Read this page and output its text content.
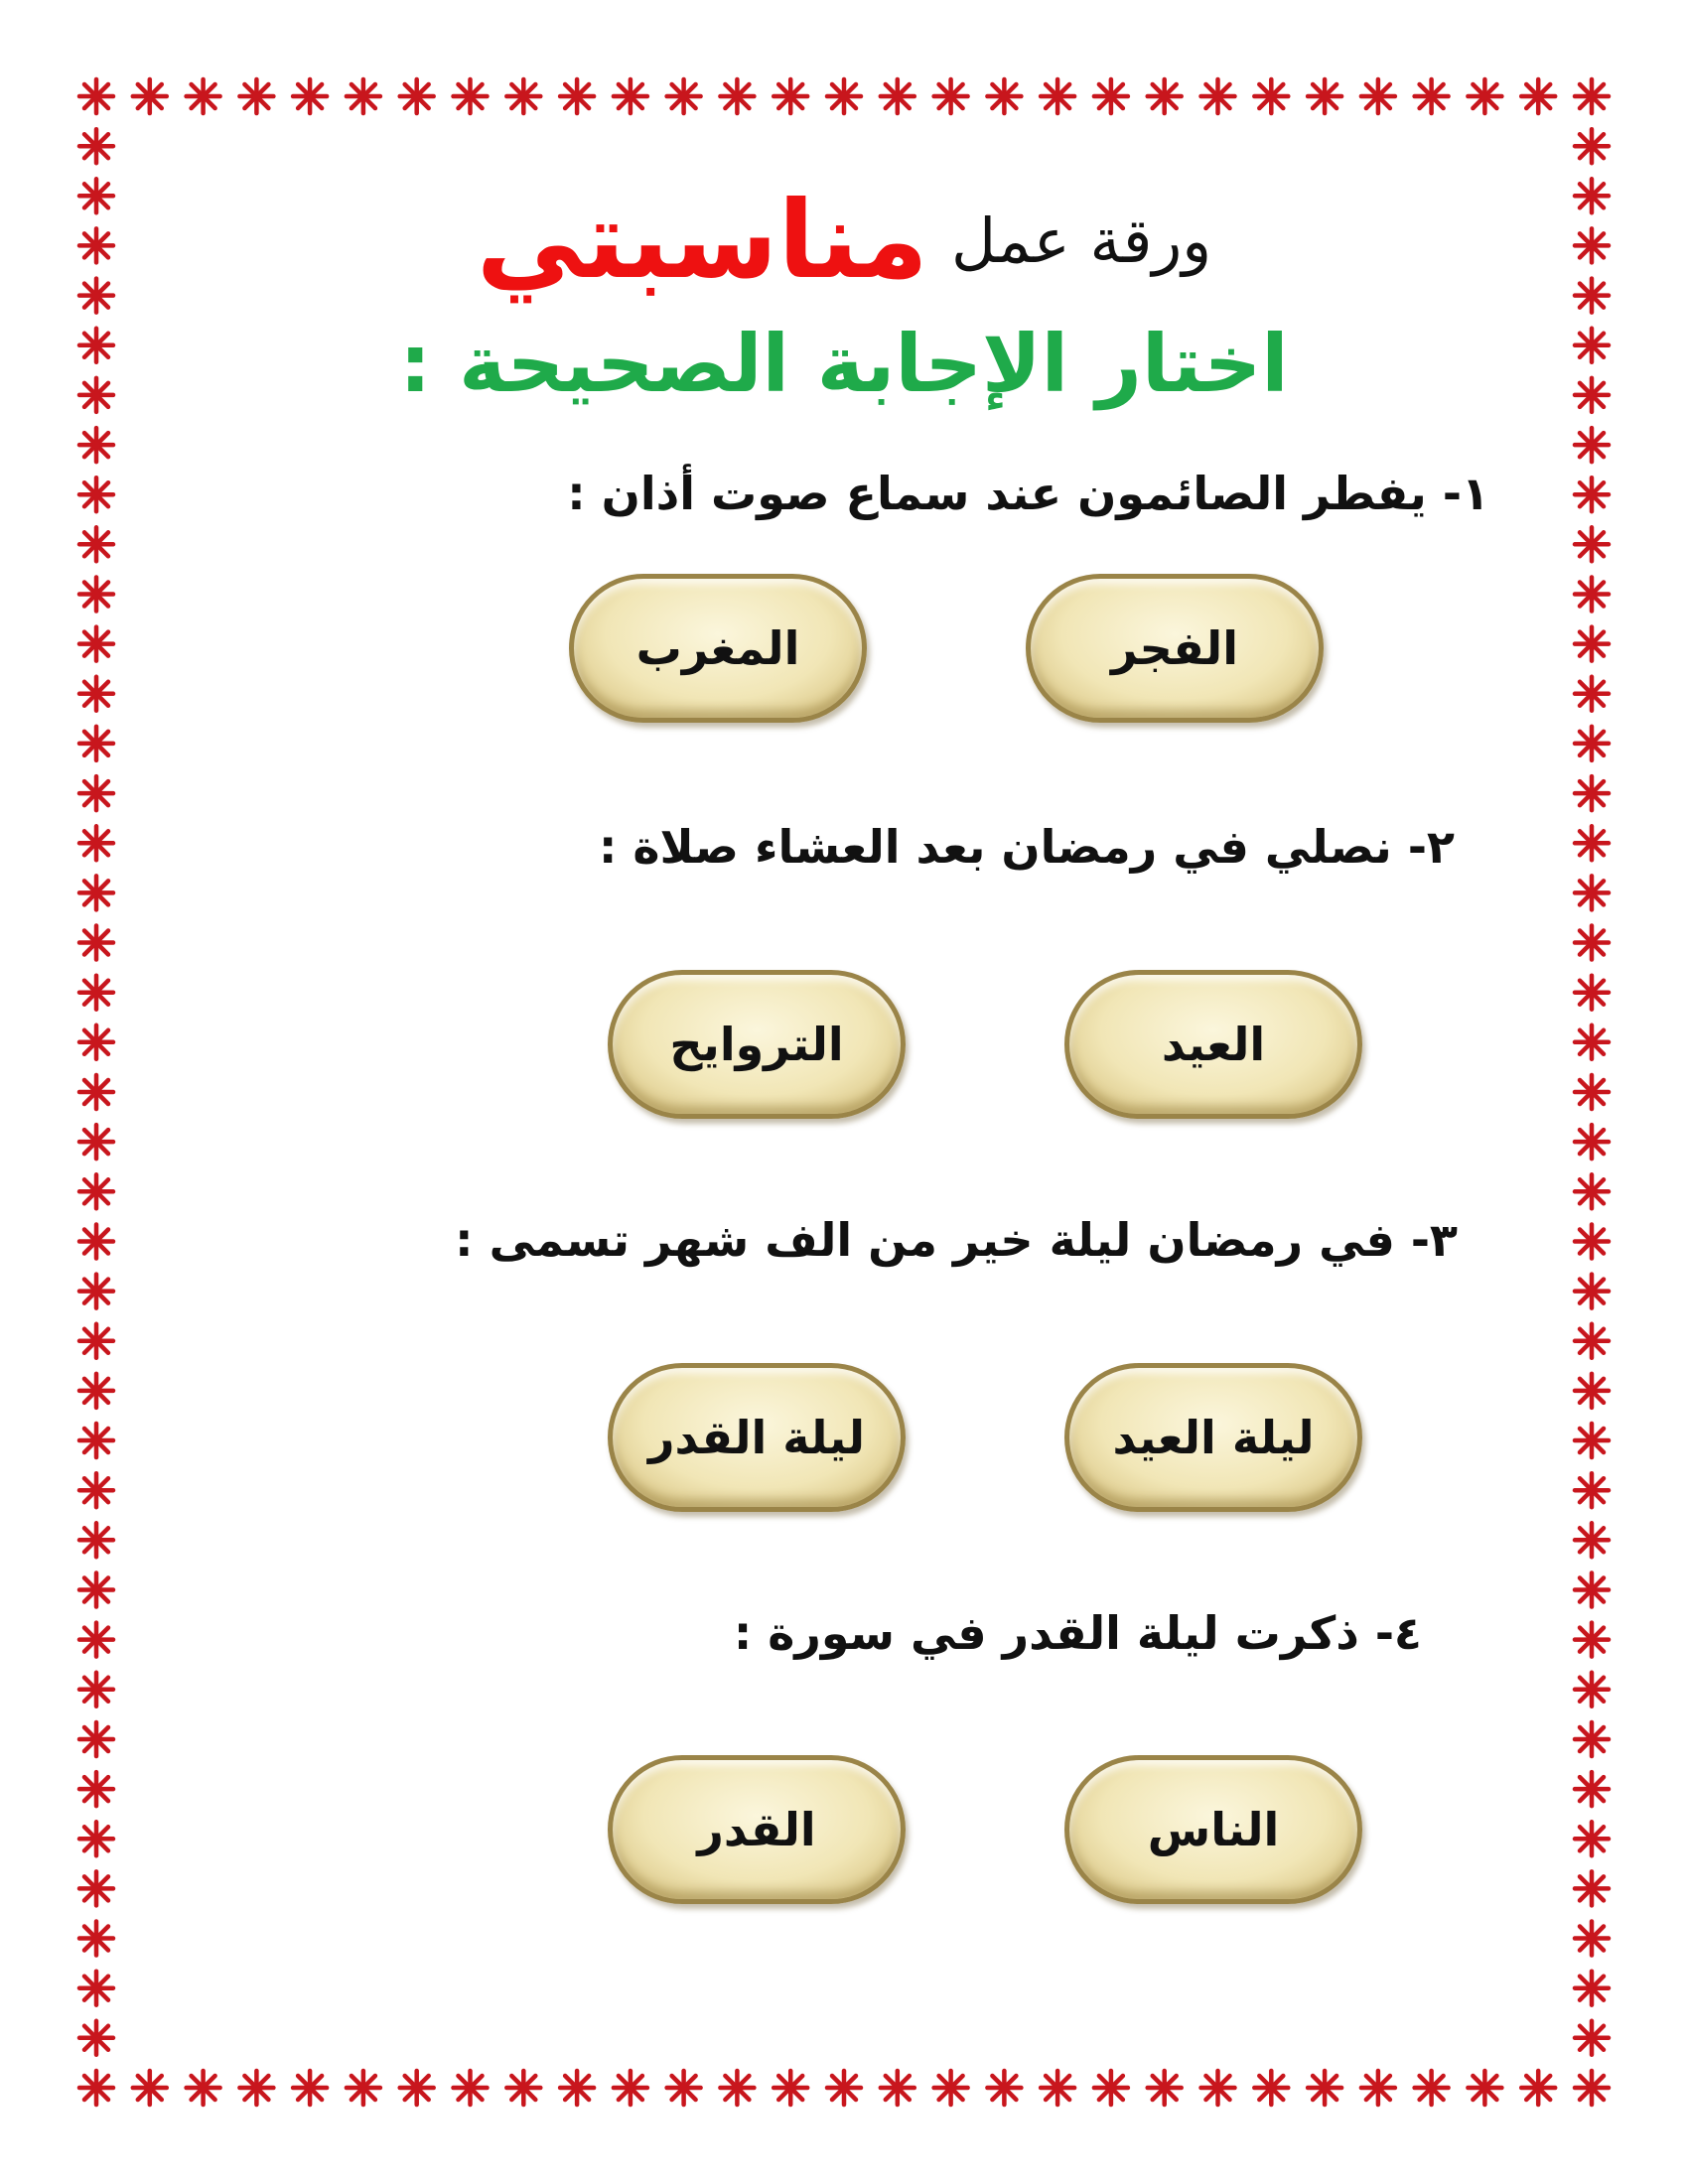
ورقة عمل مناسبتي
اختار الإجابة الصحيحة :
١- يفطر الصائمون عند سماع صوت أذان :
الفجر
المغرب
٢- نصلي في رمضان بعد العشاء صلاة :
العيد
التروايح
٣- في رمضان ليلة خير من الف شهر تسمى :
ليلة العيد
ليلة القدر
٤- ذكرت ليلة القدر في سورة :
الناس
القدر
